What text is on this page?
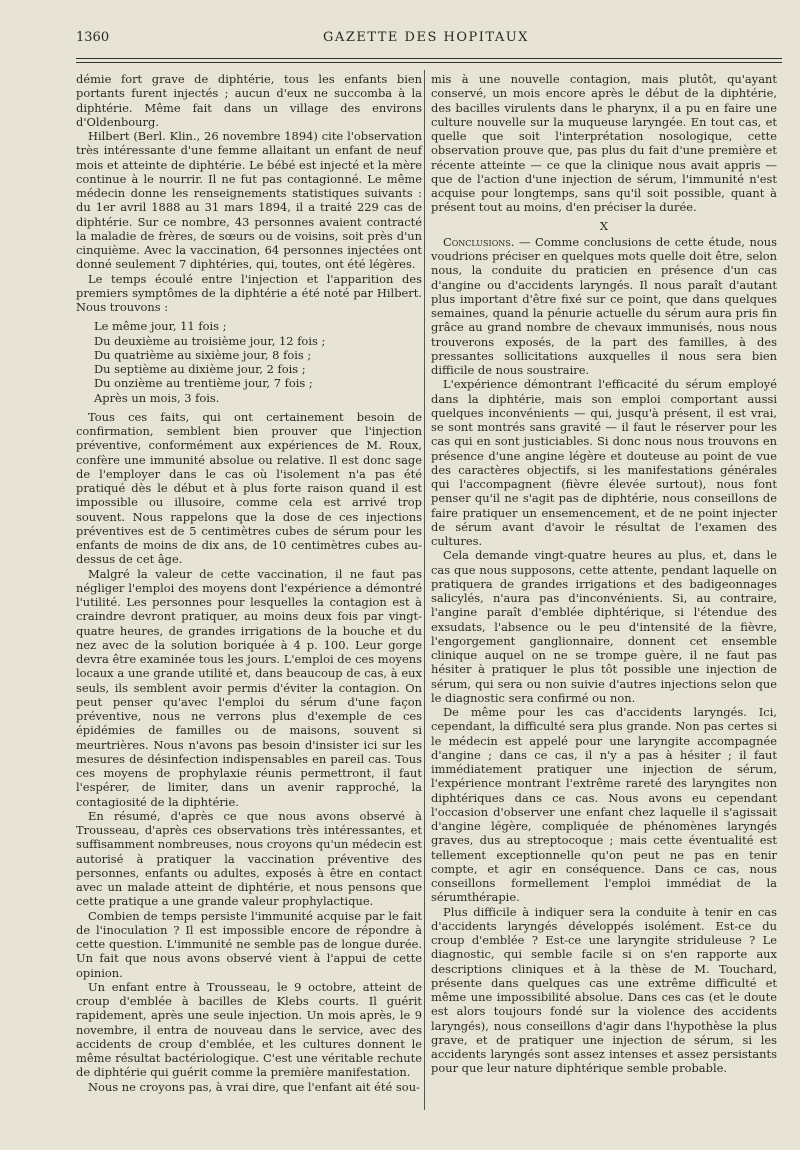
1360	GAZETTE DES HOPITAUX

démie fort grave de diphtérie, tous les enfants bien portants furent injectés ; aucun d'eux ne succomba à la diphtérie. Même fait dans un village des environs d'Oldenbourg.

Hilbert (Berl. Klin., 26 novembre 1894) cite l'observation très intéressante d'une femme allaitant un enfant de neuf mois et atteinte de diphtérie. Le bébé est injecté et la mère continue à le nourrir. Il ne fut pas contagionné. Le même médecin donne les renseignements statistiques suivants : du 1er avril 1888 au 31 mars 1894, il a traité 229 cas de diphtérie. Sur ce nombre, 43 personnes avaient contracté la maladie de frères, de sœurs ou de voisins, soit près d'un cinquième. Avec la vaccination, 64 personnes injectées ont donné seulement 7 diphtéries, qui, toutes, ont été légères.

Le temps écoulé entre l'injection et l'apparition des premiers symptômes de la diphtérie a été noté par Hilbert. Nous trouvons :

Le même jour, 11 fois ;
Du deuxième au troisième jour, 12 fois ;
Du quatrième au sixième jour, 8 fois ;
Du septième au dixième jour, 2 fois ;
Du onzième au trentième jour, 7 fois ;
Après un mois, 3 fois.

Tous ces faits, qui ont certainement besoin de confirmation, semblent bien prouver que l'injection préventive, conformément aux expériences de M. Roux, confère une immunité absolue ou relative. Il est donc sage de l'employer dans le cas où l'isolement n'a pas été pratiqué dès le début et à plus forte raison quand il est impossible ou illusoire, comme cela est arrivé trop souvent. Nous rappelons que la dose de ces injections préventives est de 5 centimètres cubes de sérum pour les enfants de moins de dix ans, de 10 centimètres cubes au-dessus de cet âge.

Malgré la valeur de cette vaccination, il ne faut pas négliger l'emploi des moyens dont l'expérience a démontré l'utilité. Les personnes pour lesquelles la contagion est à craindre devront pratiquer, au moins deux fois par vingt-quatre heures, de grandes irrigations de la bouche et du nez avec de la solution boriquée à 4 p. 100. Leur gorge devra être examinée tous les jours. L'emploi de ces moyens locaux a une grande utilité et, dans beaucoup de cas, à eux seuls, ils semblent avoir permis d'éviter la contagion. On peut penser qu'avec l'emploi du sérum d'une façon préventive, nous ne verrons plus d'exemple de ces épidémies de familles ou de maisons, souvent si meurtrières. Nous n'avons pas besoin d'insister ici sur les mesures de désinfection indispensables en pareil cas. Tous ces moyens de prophylaxie réunis permettront, il faut l'espérer, de limiter, dans un avenir rapproché, la contagiosité de la diphtérie.

En résumé, d'après ce que nous avons observé à Trousseau, d'après ces observations très intéressantes, et suffisamment nombreuses, nous croyons qu'un médecin est autorisé à pratiquer la vaccination préventive des personnes, enfants ou adultes, exposés à être en contact avec un malade atteint de diphtérie, et nous pensons que cette pratique a une grande valeur prophylactique.

Combien de temps persiste l'immunité acquise par le fait de l'inoculation ? Il est impossible encore de répondre à cette question. L'immunité ne semble pas de longue durée. Un fait que nous avons observé vient à l'appui de cette opinion.

Un enfant entre à Trousseau, le 9 octobre, atteint de croup d'emblée à bacilles de Klebs courts. Il guérit rapidement, après une seule injection. Un mois après, le 9 novembre, il entra de nouveau dans le service, avec des accidents de croup d'emblée, et les cultures donnent le même résultat bactériologique. C'est une véritable rechute de diphtérie qui guérit comme la première manifestation.

Nous ne croyons pas, à vrai dire, que l'enfant ait été sou-

mis à une nouvelle contagion, mais plutôt, qu'ayant conservé, un mois encore après le début de la diphtérie, des bacilles virulents dans le pharynx, il a pu en faire une culture nouvelle sur la muqueuse laryngée. En tout cas, et quelle que soit l'interprétation nosologique, cette observation prouve que, pas plus du fait d'une première et récente atteinte — ce que la clinique nous avait appris — que de l'action d'une injection de sérum, l'immunité n'est acquise pour longtemps, sans qu'il soit possible, quant à présent tout au moins, d'en préciser la durée.

X

Conclusions. — Comme conclusions de cette étude, nous voudrions préciser en quelques mots quelle doit être, selon nous, la conduite du praticien en présence d'un cas d'angine ou d'accidents laryngés. Il nous paraît d'autant plus important d'être fixé sur ce point, que dans quelques semaines, quand la pénurie actuelle du sérum aura pris fin grâce au grand nombre de chevaux immunisés, nous nous trouverons exposés, de la part des familles, à des pressantes sollicitations auxquelles il nous sera bien difficile de nous soustraire.

L'expérience démontrant l'efficacité du sérum employé dans la diphtérie, mais son emploi comportant aussi quelques inconvénients — qui, jusqu'à présent, il est vrai, se sont montrés sans gravité — il faut le réserver pour les cas qui en sont justiciables. Si donc nous nous trouvons en présence d'une angine légère et douteuse au point de vue des caractères objectifs, si les manifestations générales qui l'accompagnent (fièvre élevée surtout), nous font penser qu'il ne s'agit pas de diphtérie, nous conseillons de faire pratiquer un ensemencement, et de ne point injecter de sérum avant d'avoir le résultat de l'examen des cultures.

Cela demande vingt-quatre heures au plus, et, dans le cas que nous supposons, cette attente, pendant laquelle on pratiquera de grandes irrigations et des badigeonnages salicylés, n'aura pas d'inconvénients. Si, au contraire, l'angine paraît d'emblée diphtérique, si l'étendue des exsudats, l'absence ou le peu d'intensité de la fièvre, l'engorgement ganglionnaire, donnent cet ensemble clinique auquel on ne se trompe guère, il ne faut pas hésiter à pratiquer le plus tôt possible une injection de sérum, qui sera ou non suivie d'autres injections selon que le diagnostic sera confirmé ou non.

De même pour les cas d'accidents laryngés. Ici, cependant, la difficulté sera plus grande. Non pas certes si le médecin est appelé pour une laryngite accompagnée d'angine ; dans ce cas, il n'y a pas à hésiter ; il faut immédiatement pratiquer une injection de sérum, l'expérience montrant l'extrême rareté des laryngites non diphtériques dans ce cas. Nous avons eu cependant l'occasion d'observer une enfant chez laquelle il s'agissait d'angine légère, compliquée de phénomènes laryngés graves, dus au streptocoque ; mais cette éventualité est tellement exceptionnelle qu'on peut ne pas en tenir compte, et agir en conséquence. Dans ce cas, nous conseillons formellement l'emploi immédiat de la sérumthérapie.

Plus difficile à indiquer sera la conduite à tenir en cas d'accidents laryngés développés isolément. Est-ce du croup d'emblée ? Est-ce une laryngite striduleuse ? Le diagnostic, qui semble facile si on s'en rapporte aux descriptions cliniques et à la thèse de M. Touchard, présente dans quelques cas une extrême difficulté et même une impossibilité absolue. Dans ces cas (et le doute est alors toujours fondé sur la violence des accidents laryngés), nous conseillons d'agir dans l'hypothèse la plus grave, et de pratiquer une injection de sérum, si les accidents laryngés sont assez intenses et assez persistants pour que leur nature diphtérique semble probable.
